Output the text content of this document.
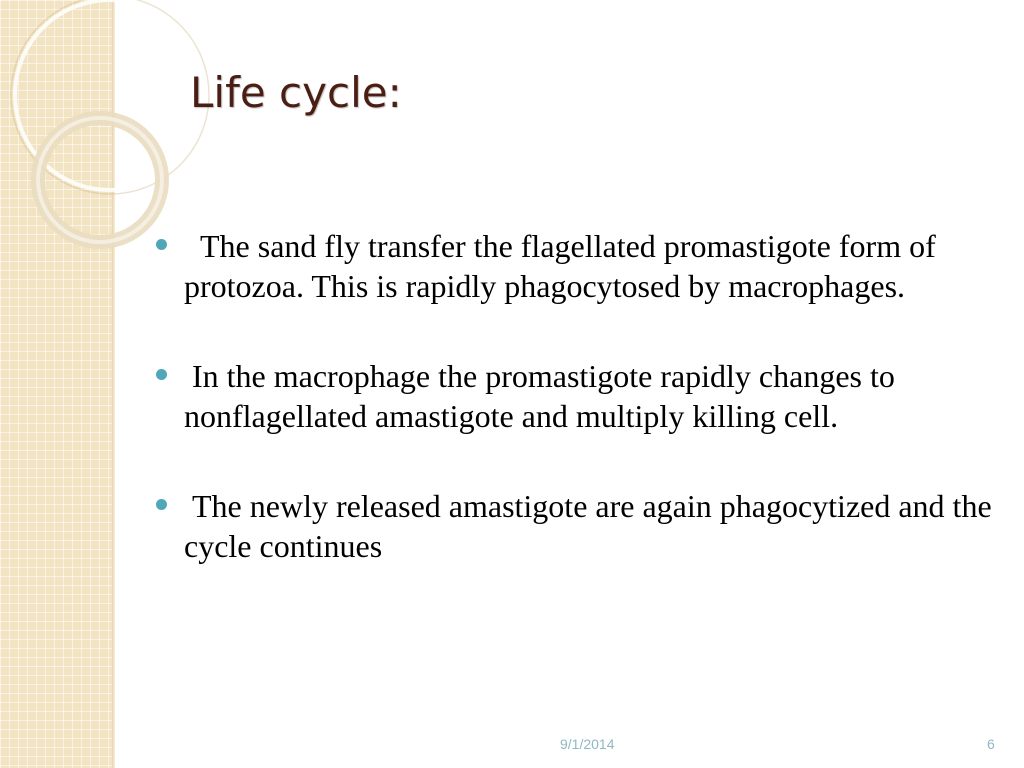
Life cycle:
The sand fly transfer the flagellated promastigote form of protozoa. This is rapidly phagocytosed by macrophages.
In the macrophage the promastigote rapidly changes to nonflagellated amastigote and multiply killing cell.
The newly released amastigote are again phagocytized and the cycle continues
9/1/2014	6
